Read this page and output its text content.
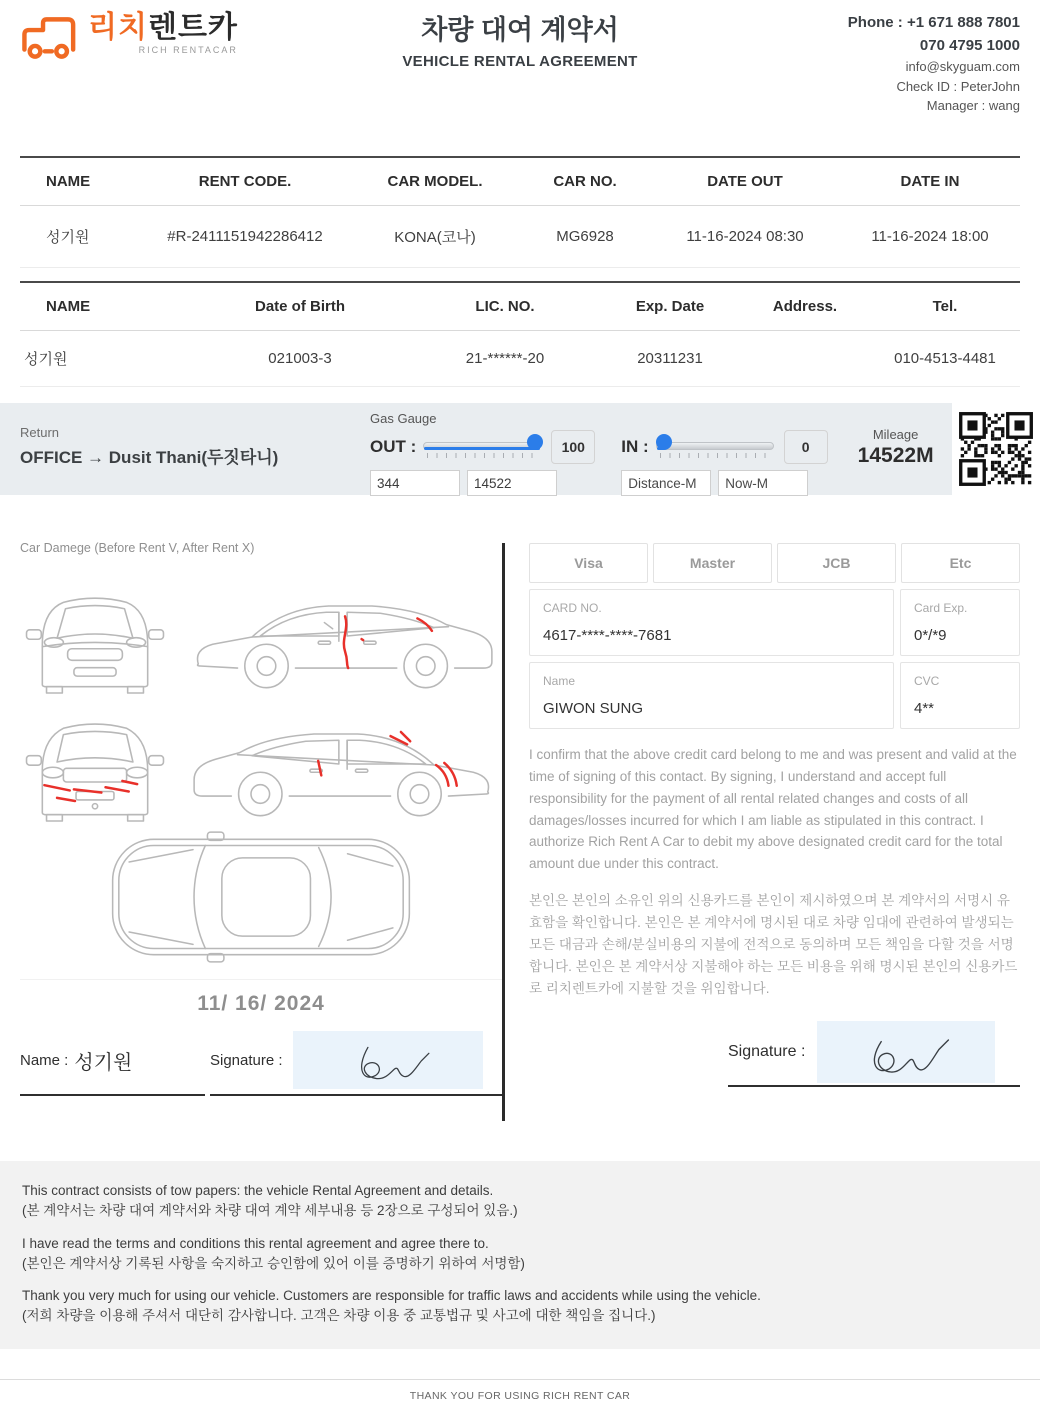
리치렌트카
RICH RENTACAR
차량 대여 계약서
VEHICLE RENTAL AGREEMENT
Phone : +1 671 888 7801
070 4795 1000
info@skyguam.com
Check ID : PeterJohn
Manager : wang
NAME	RENT CODE.	CAR MODEL.	CAR NO.	DATE OUT	DATE IN
성기원	#R-2411151942286412	KONA(코나)	MG6928	11-16-2024 08:30	11-16-2024 18:00
NAME	Date of Birth	LIC. NO.	Exp. Date	Address.	Tel.
성기원	021003-3	21-******-20	20311231		010-4513-4481
Return
OFFICE → Dusit Thani(두짓타니)
Gas Gauge
OUT :	100
344
14522
	IN :	0
Distance-M
Now-M
Mileage
14522M
Car Damege (Before Rent V, After Rent X)
11/ 16/ 2024
Name : 성기원	Signature :
Visa	Master	JCB	Etc
CARD NO.
4617-****-****-7681
Card Exp.
0*/*9
Name
GIWON SUNG
CVC
4**

I confirm that the above credit card belong to me and was present and valid at the time of signing of this contact. By signing, I understand and accept full responsibility for the payment of all rental related changes and costs of all damages/losses incurred for which I am liable as stipulated in this contract. I authorize Rich Rent A Car to debit my above designated credit card for the total amount due under this contract.

본인은 본인의 소유인 위의 신용카드를 본인이 제시하였으며 본 계약서의 서명시 유효함을 확인합니다. 본인은 본 계약서에 명시된 대로 차량 임대에 관련하여 발생되는 모든 대금과 손해/분실비용의 지불에 전적으로 동의하며 모든 책임을 다할 것을 서명합니다. 본인은 본 계약서상 지불해야 하는 모든 비용을 위해 명시된 본인의 신용카드로 리치렌트카에 지불할 것을 위임합니다.

Signature :
This contract consists of tow papers: the vehicle Rental Agreement and details.
(본 계약서는 차량 대여 계약서와 차량 대여 계약 세부내용 등 2장으로 구성되어 있음.)
I have read the terms and conditions this rental agreement and agree there to.
(본인은 계약서상 기록된 사항을 숙지하고 승인함에 있어 이를 증명하기 위하여 서명함)
Thank you very much for using our vehicle. Customers are responsible for traffic laws and accidents while using the vehicle.
(저희 차량을 이용해 주셔서 대단히 감사합니다. 고객은 차량 이용 중 교통법규 및 사고에 대한 책임을 집니다.)
THANK YOU FOR USING RICH RENT CAR
